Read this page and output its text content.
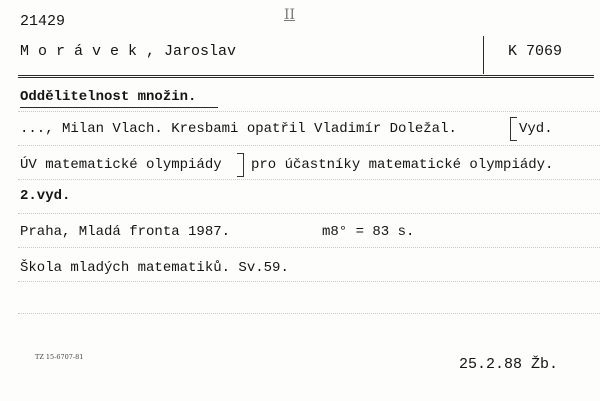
21429	II
M o r á v e k , Jaroslav	K 7069
Oddělitelnost množin.
..., Milan Vlach. Kresbami opatřil Vladimír Doležal.	Vyd.
ÚV matematické olympiády pro účastníky matematické olympiády.
2.vyd.
Praha, Mladá fronta 1987.	m8° = 83 s.
Škola mladých matematiků. Sv.59.
TZ 15-6707-81	25.2.88 Žb.
